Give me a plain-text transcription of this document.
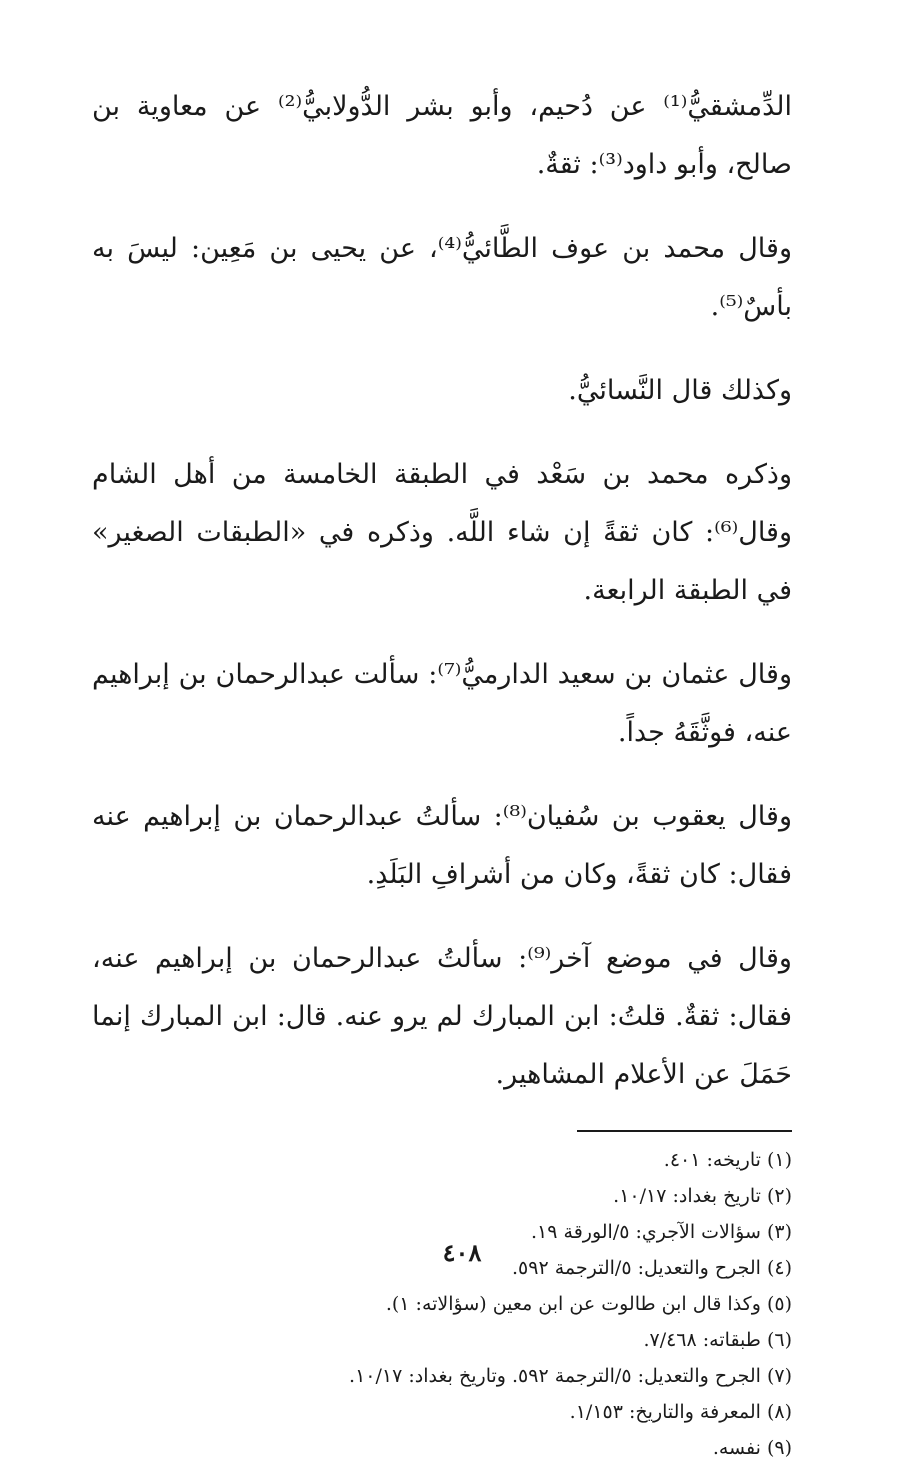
الدِّمشقيُّ⁽¹⁾ عن دُحيم، وأبو بشر الدُّولابيُّ⁽²⁾ عن معاوية بن صالح، وأبو داود⁽³⁾: ثقةٌ.

وقال محمد بن عوف الطَّائيُّ⁽⁴⁾، عن يحيى بن مَعِين: ليسَ به بأسٌ⁽⁵⁾.

وكذلك قال النَّسائيُّ.

وذكره محمد بن سَعْد في الطبقة الخامسة من أهل الشام وقال⁽⁶⁾: كان ثقةً إن شاء اللَّه. وذكره في «الطبقات الصغير» في الطبقة الرابعة.

وقال عثمان بن سعيد الدارميُّ⁽⁷⁾: سألت عبدالرحمان بن إبراهيم عنه، فوثَّقَهُ جداً.

وقال يعقوب بن سُفيان⁽⁸⁾: سألتُ عبدالرحمان بن إبراهيم عنه فقال: كان ثقةً، وكان من أشرافِ البَلَدِ.

وقال في موضع آخر⁽⁹⁾: سألتُ عبدالرحمان بن إبراهيم عنه، فقال: ثقةٌ. قلتُ: ابن المبارك لم يرو عنه. قال: ابن المبارك إنما حَمَلَ عن الأعلام المشاهير.

(١) تاريخه: ٤٠١.
(٢) تاريخ بغداد: ١٠/١٧.
(٣) سؤالات الآجري: ٥/الورقة ١٩.
(٤) الجرح والتعديل: ٥/الترجمة ٥٩٢.
(٥) وكذا قال ابن طالوت عن ابن معين (سؤالاته: ١).
(٦) طبقاته: ٧/٤٦٨.
(٧) الجرح والتعديل: ٥/الترجمة ٥٩٢. وتاريخ بغداد: ١٠/١٧.
(٨) المعرفة والتاريخ: ١/١٥٣.
(٩) نفسه.
٤٠٨
